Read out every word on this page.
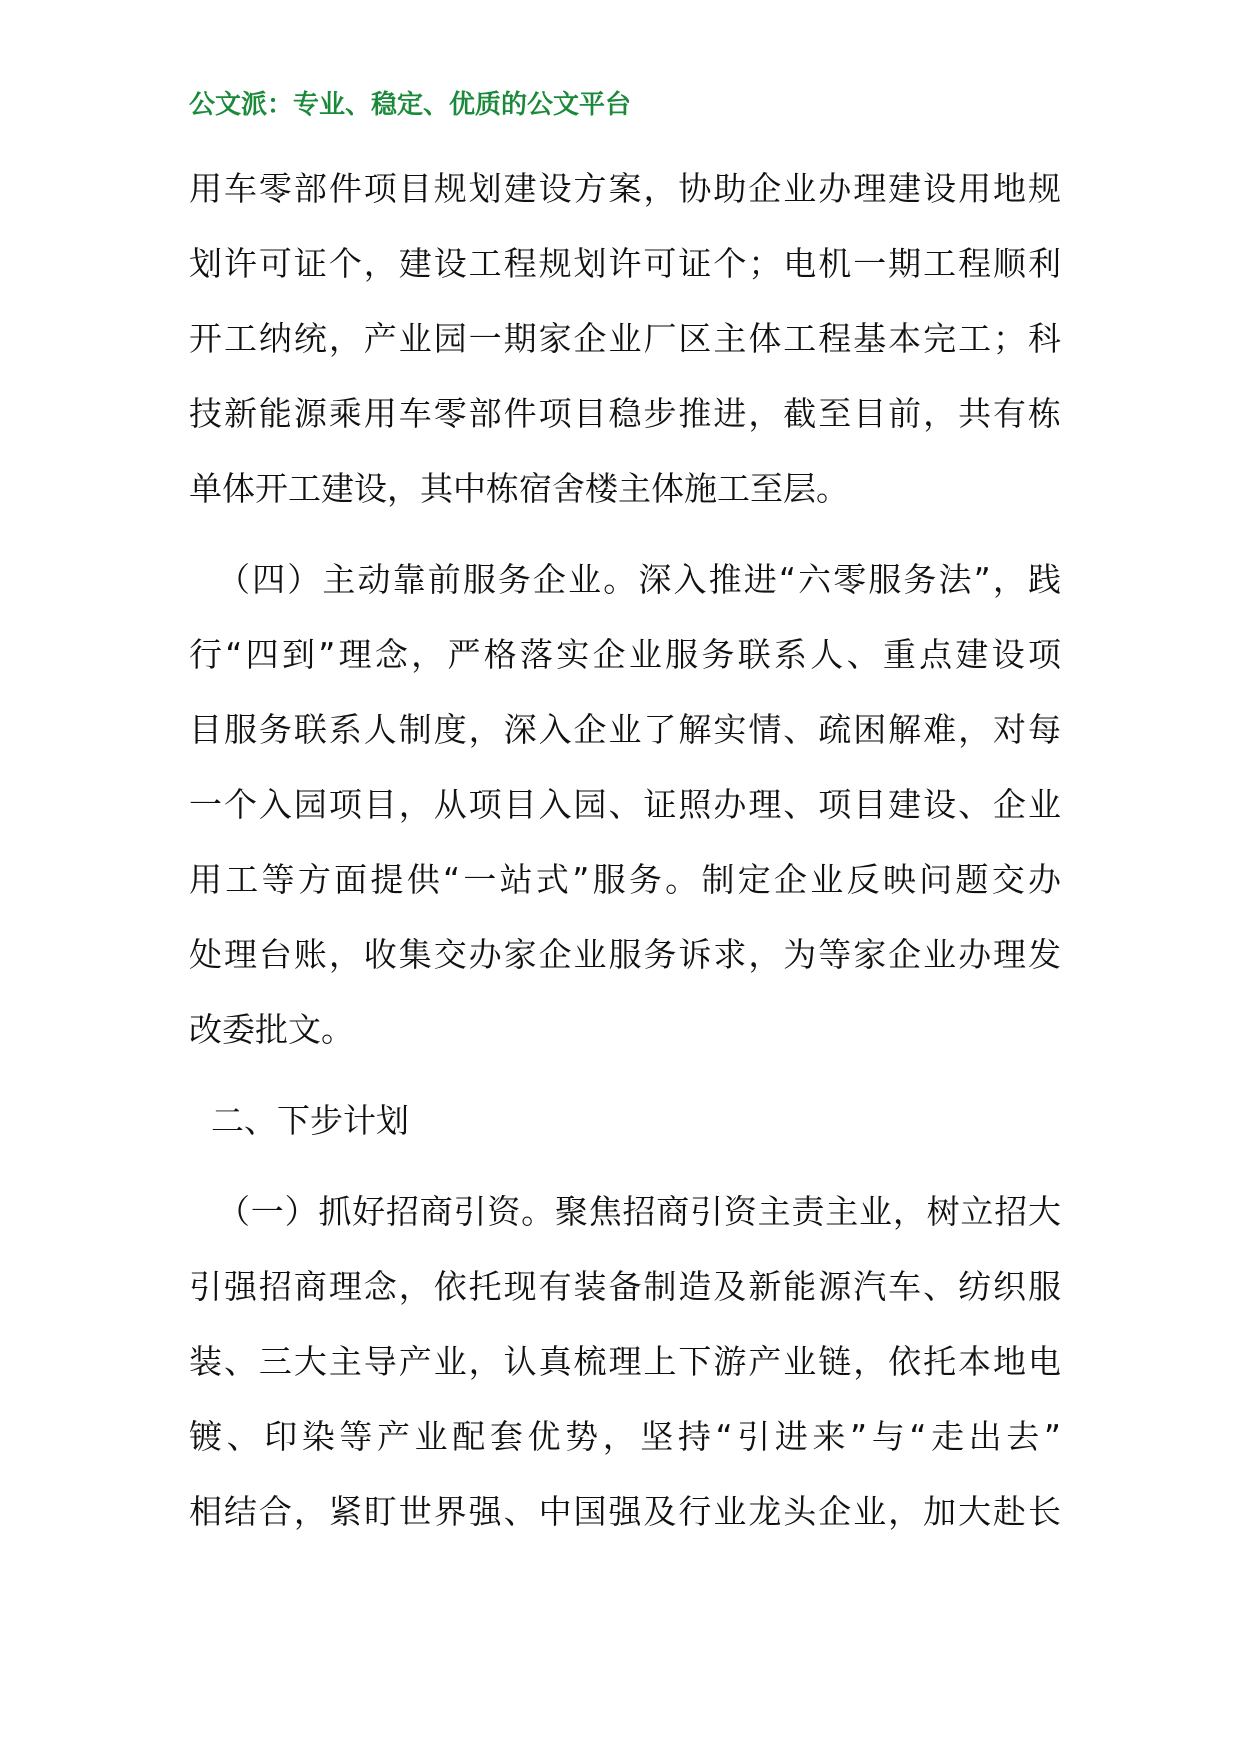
公文派：专业、稳定、优质的公文平台
用车零部件项目规划建设方案，协助企业办理建设用地规
划许可证个，建设工程规划许可证个；电机一期工程顺利
开工纳统，产业园一期家企业厂区主体工程基本完工；科
技新能源乘用车零部件项目稳步推进，截至目前，共有栋
单体开工建设，其中栋宿舍楼主体施工至层。
（四）主动靠前服务企业。深入推进“六零服务法”，践
行“四到”理念，严格落实企业服务联系人、重点建设项
目服务联系人制度，深入企业了解实情、疏困解难，对每
一个入园项目，从项目入园、证照办理、项目建设、企业
用工等方面提供“一站式”服务。制定企业反映问题交办
处理台账，收集交办家企业服务诉求，为等家企业办理发
改委批文。
二、下步计划
（一）抓好招商引资。聚焦招商引资主责主业，树立招大
引强招商理念，依托现有装备制造及新能源汽车、纺织服
装、三大主导产业，认真梳理上下游产业链，依托本地电
镀、印染等产业配套优势，坚持“引进来”与“走出去”
相结合，紧盯世界强、中国强及行业龙头企业，加大赴长
